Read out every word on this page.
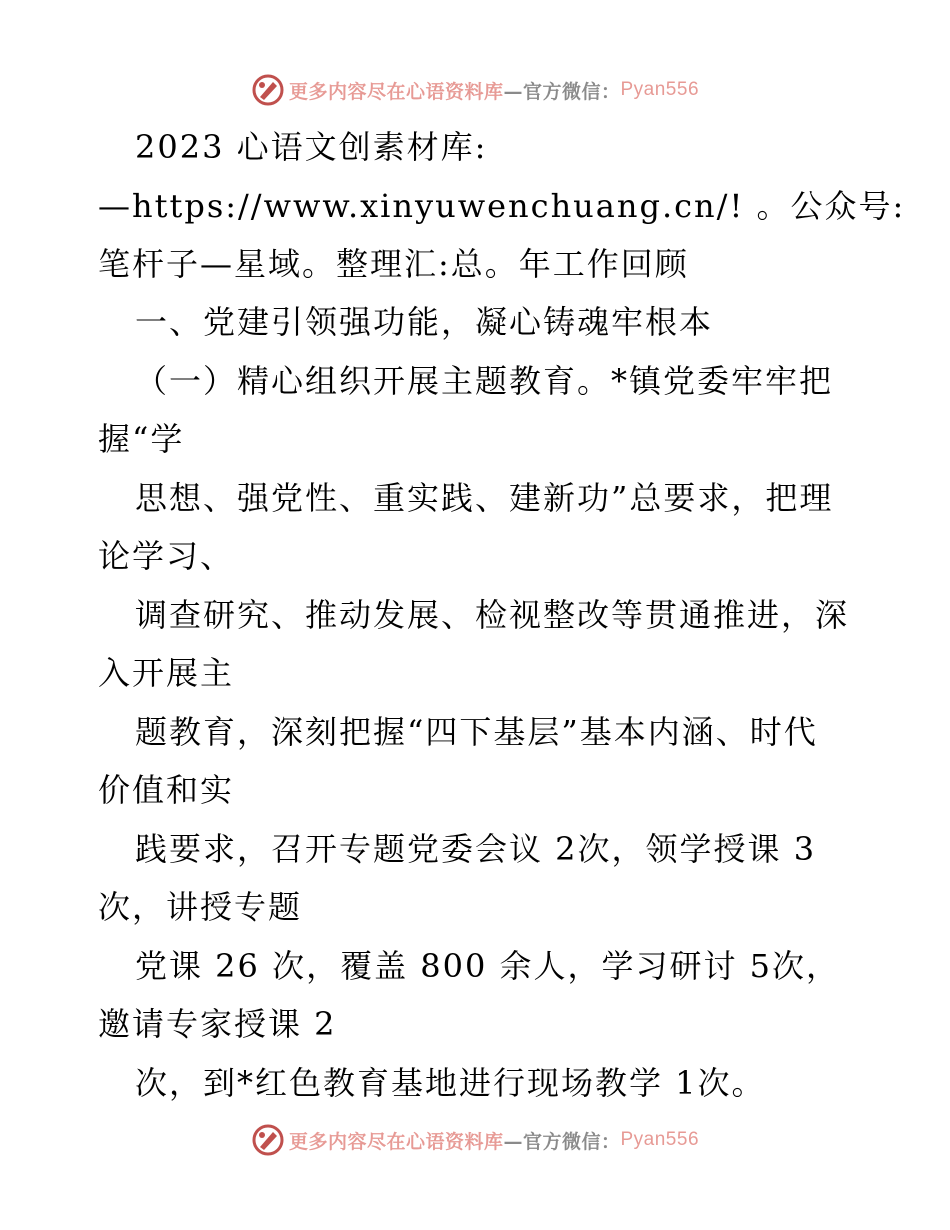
更多内容尽在心语资料库 —官方微信： Pyan556
2023 心语文创素材库:
—https://www.xinyuwenchuang.cn/! 。公众号:
笔杆子—星域。整理汇:总。年工作回顾
一、党建引领强功能，凝心铸魂牢根本
（一）精心组织开展主题教育。*镇党委牢牢把
握“学
思想、强党性、重实践、建新功”总要求，把理
论学习、
调查研究、推动发展、检视整改等贯通推进，深
入开展主
题教育，深刻把握“四下基层”基本内涵、时代
价值和实
践要求，召开专题党委会议 2次，领学授课 3
次，讲授专题
党课 26 次，覆盖 800 余人，学习研讨 5次，
邀请专家授课 2
次，到*红色教育基地进行现场教学 1次。
更多内容尽在心语资料库 —官方微信： Pyan556
